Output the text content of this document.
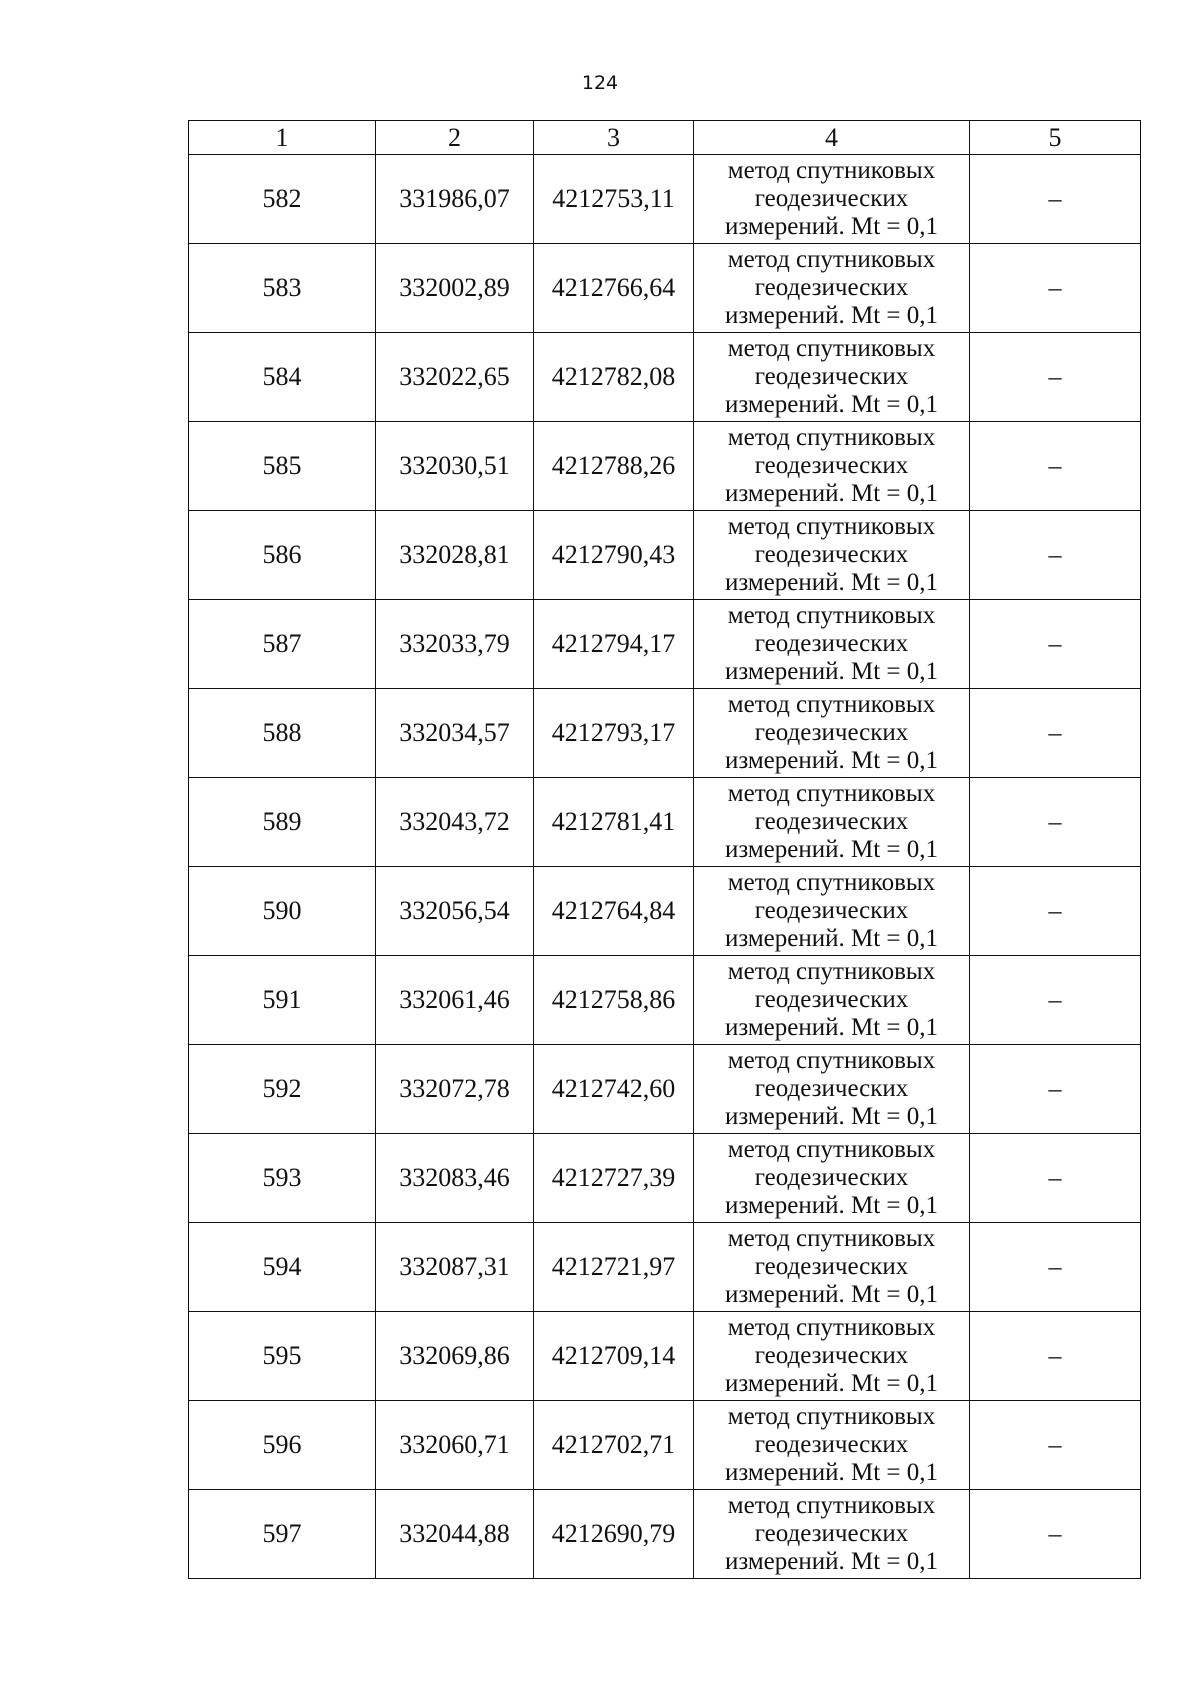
124
1	2	3	4	5
582	331986,07	4212753,11	метод спутниковых
геодезических
измерений. Mt = 0,1	–
583	332002,89	4212766,64	метод спутниковых
геодезических
измерений. Mt = 0,1	–
584	332022,65	4212782,08	метод спутниковых
геодезических
измерений. Mt = 0,1	–
585	332030,51	4212788,26	метод спутниковых
геодезических
измерений. Mt = 0,1	–
586	332028,81	4212790,43	метод спутниковых
геодезических
измерений. Mt = 0,1	–
587	332033,79	4212794,17	метод спутниковых
геодезических
измерений. Mt = 0,1	–
588	332034,57	4212793,17	метод спутниковых
геодезических
измерений. Mt = 0,1	–
589	332043,72	4212781,41	метод спутниковых
геодезических
измерений. Mt = 0,1	–
590	332056,54	4212764,84	метод спутниковых
геодезических
измерений. Mt = 0,1	–
591	332061,46	4212758,86	метод спутниковых
геодезических
измерений. Mt = 0,1	–
592	332072,78	4212742,60	метод спутниковых
геодезических
измерений. Mt = 0,1	–
593	332083,46	4212727,39	метод спутниковых
геодезических
измерений. Mt = 0,1	–
594	332087,31	4212721,97	метод спутниковых
геодезических
измерений. Mt = 0,1	–
595	332069,86	4212709,14	метод спутниковых
геодезических
измерений. Mt = 0,1	–
596	332060,71	4212702,71	метод спутниковых
геодезических
измерений. Mt = 0,1	–
597	332044,88	4212690,79	метод спутниковых
геодезических
измерений. Mt = 0,1	–
